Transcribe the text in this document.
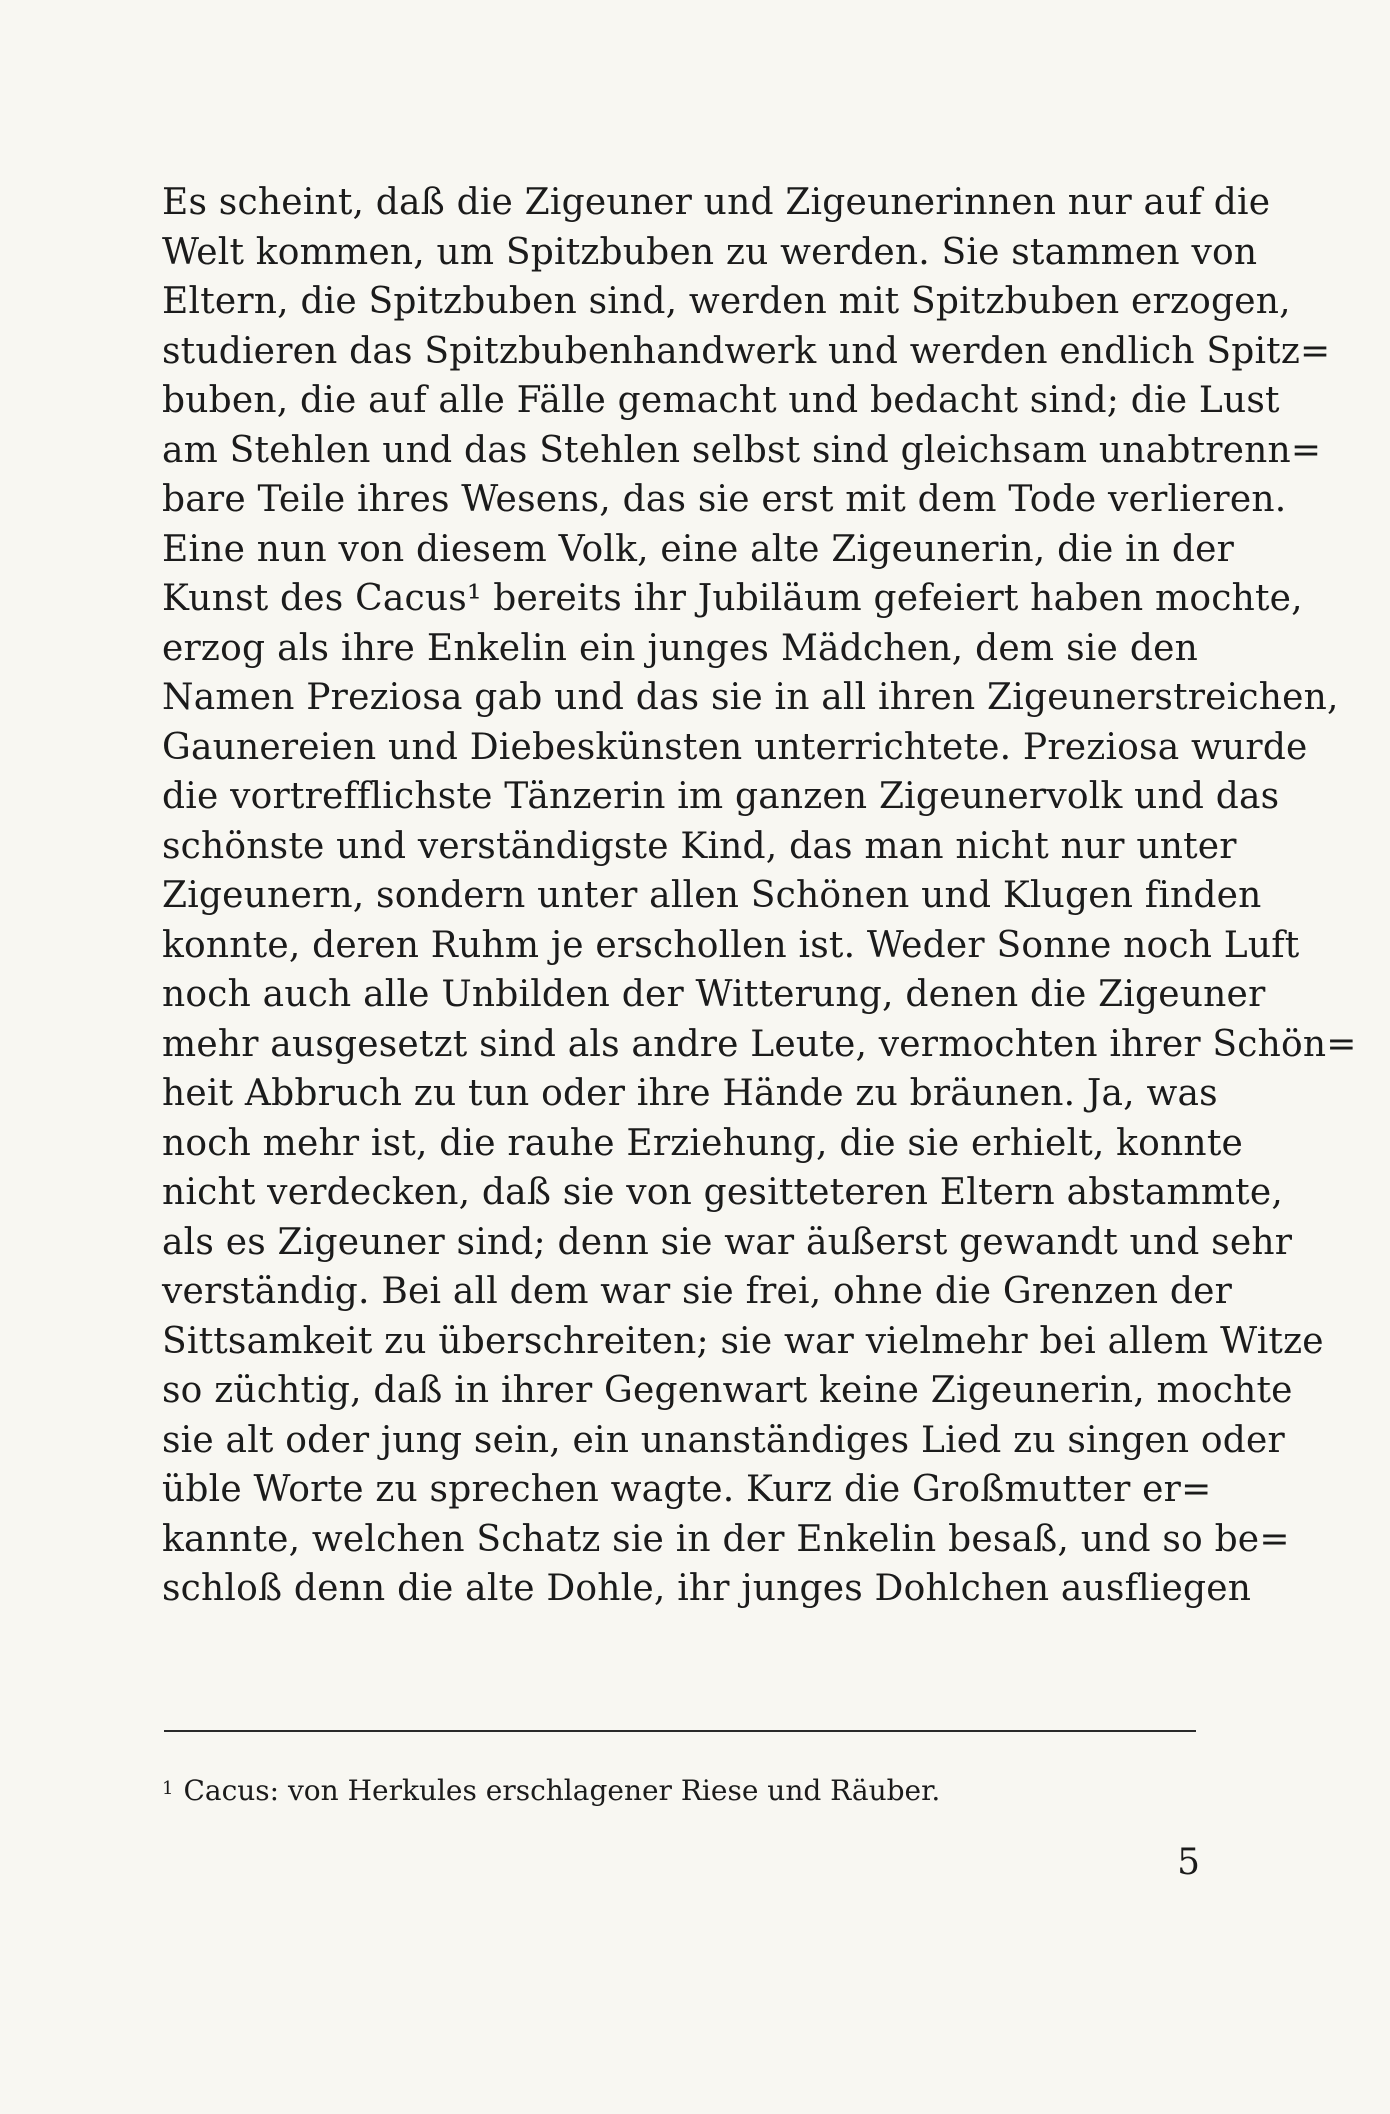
Es scheint, daß die Zigeuner und Zigeunerinnen nur auf die
Welt kommen, um Spitzbuben zu werden. Sie stammen von
Eltern, die Spitzbuben sind, werden mit Spitzbuben erzogen,
studieren das Spitzbubenhandwerk und werden endlich Spitz=
buben, die auf alle Fälle gemacht und bedacht sind; die Lust
am Stehlen und das Stehlen selbst sind gleichsam unabtrenn=
bare Teile ihres Wesens, das sie erst mit dem Tode verlieren.
Eine nun von diesem Volk, eine alte Zigeunerin, die in der
Kunst des Cacus¹ bereits ihr Jubiläum gefeiert haben mochte,
erzog als ihre Enkelin ein junges Mädchen, dem sie den
Namen Preziosa gab und das sie in all ihren Zigeunerstreichen,
Gaunereien und Diebeskünsten unterrichtete. Preziosa wurde
die vortrefflichste Tänzerin im ganzen Zigeunervolk und das
schönste und verständigste Kind, das man nicht nur unter
Zigeunern, sondern unter allen Schönen und Klugen finden
konnte, deren Ruhm je erschollen ist. Weder Sonne noch Luft
noch auch alle Unbilden der Witterung, denen die Zigeuner
mehr ausgesetzt sind als andre Leute, vermochten ihrer Schön=
heit Abbruch zu tun oder ihre Hände zu bräunen. Ja, was
noch mehr ist, die rauhe Erziehung, die sie erhielt, konnte
nicht verdecken, daß sie von gesitteteren Eltern abstammte,
als es Zigeuner sind; denn sie war äußerst gewandt und sehr
verständig. Bei all dem war sie frei, ohne die Grenzen der
Sittsamkeit zu überschreiten; sie war vielmehr bei allem Witze
so züchtig, daß in ihrer Gegenwart keine Zigeunerin, mochte
sie alt oder jung sein, ein unanständiges Lied zu singen oder
üble Worte zu sprechen wagte. Kurz die Großmutter er=
kannte, welchen Schatz sie in der Enkelin besaß, und so be=
schloß denn die alte Dohle, ihr junges Dohlchen ausfliegen
$^1$ Cacus: von Herkules erschlagener Riese und Räuber.
5
